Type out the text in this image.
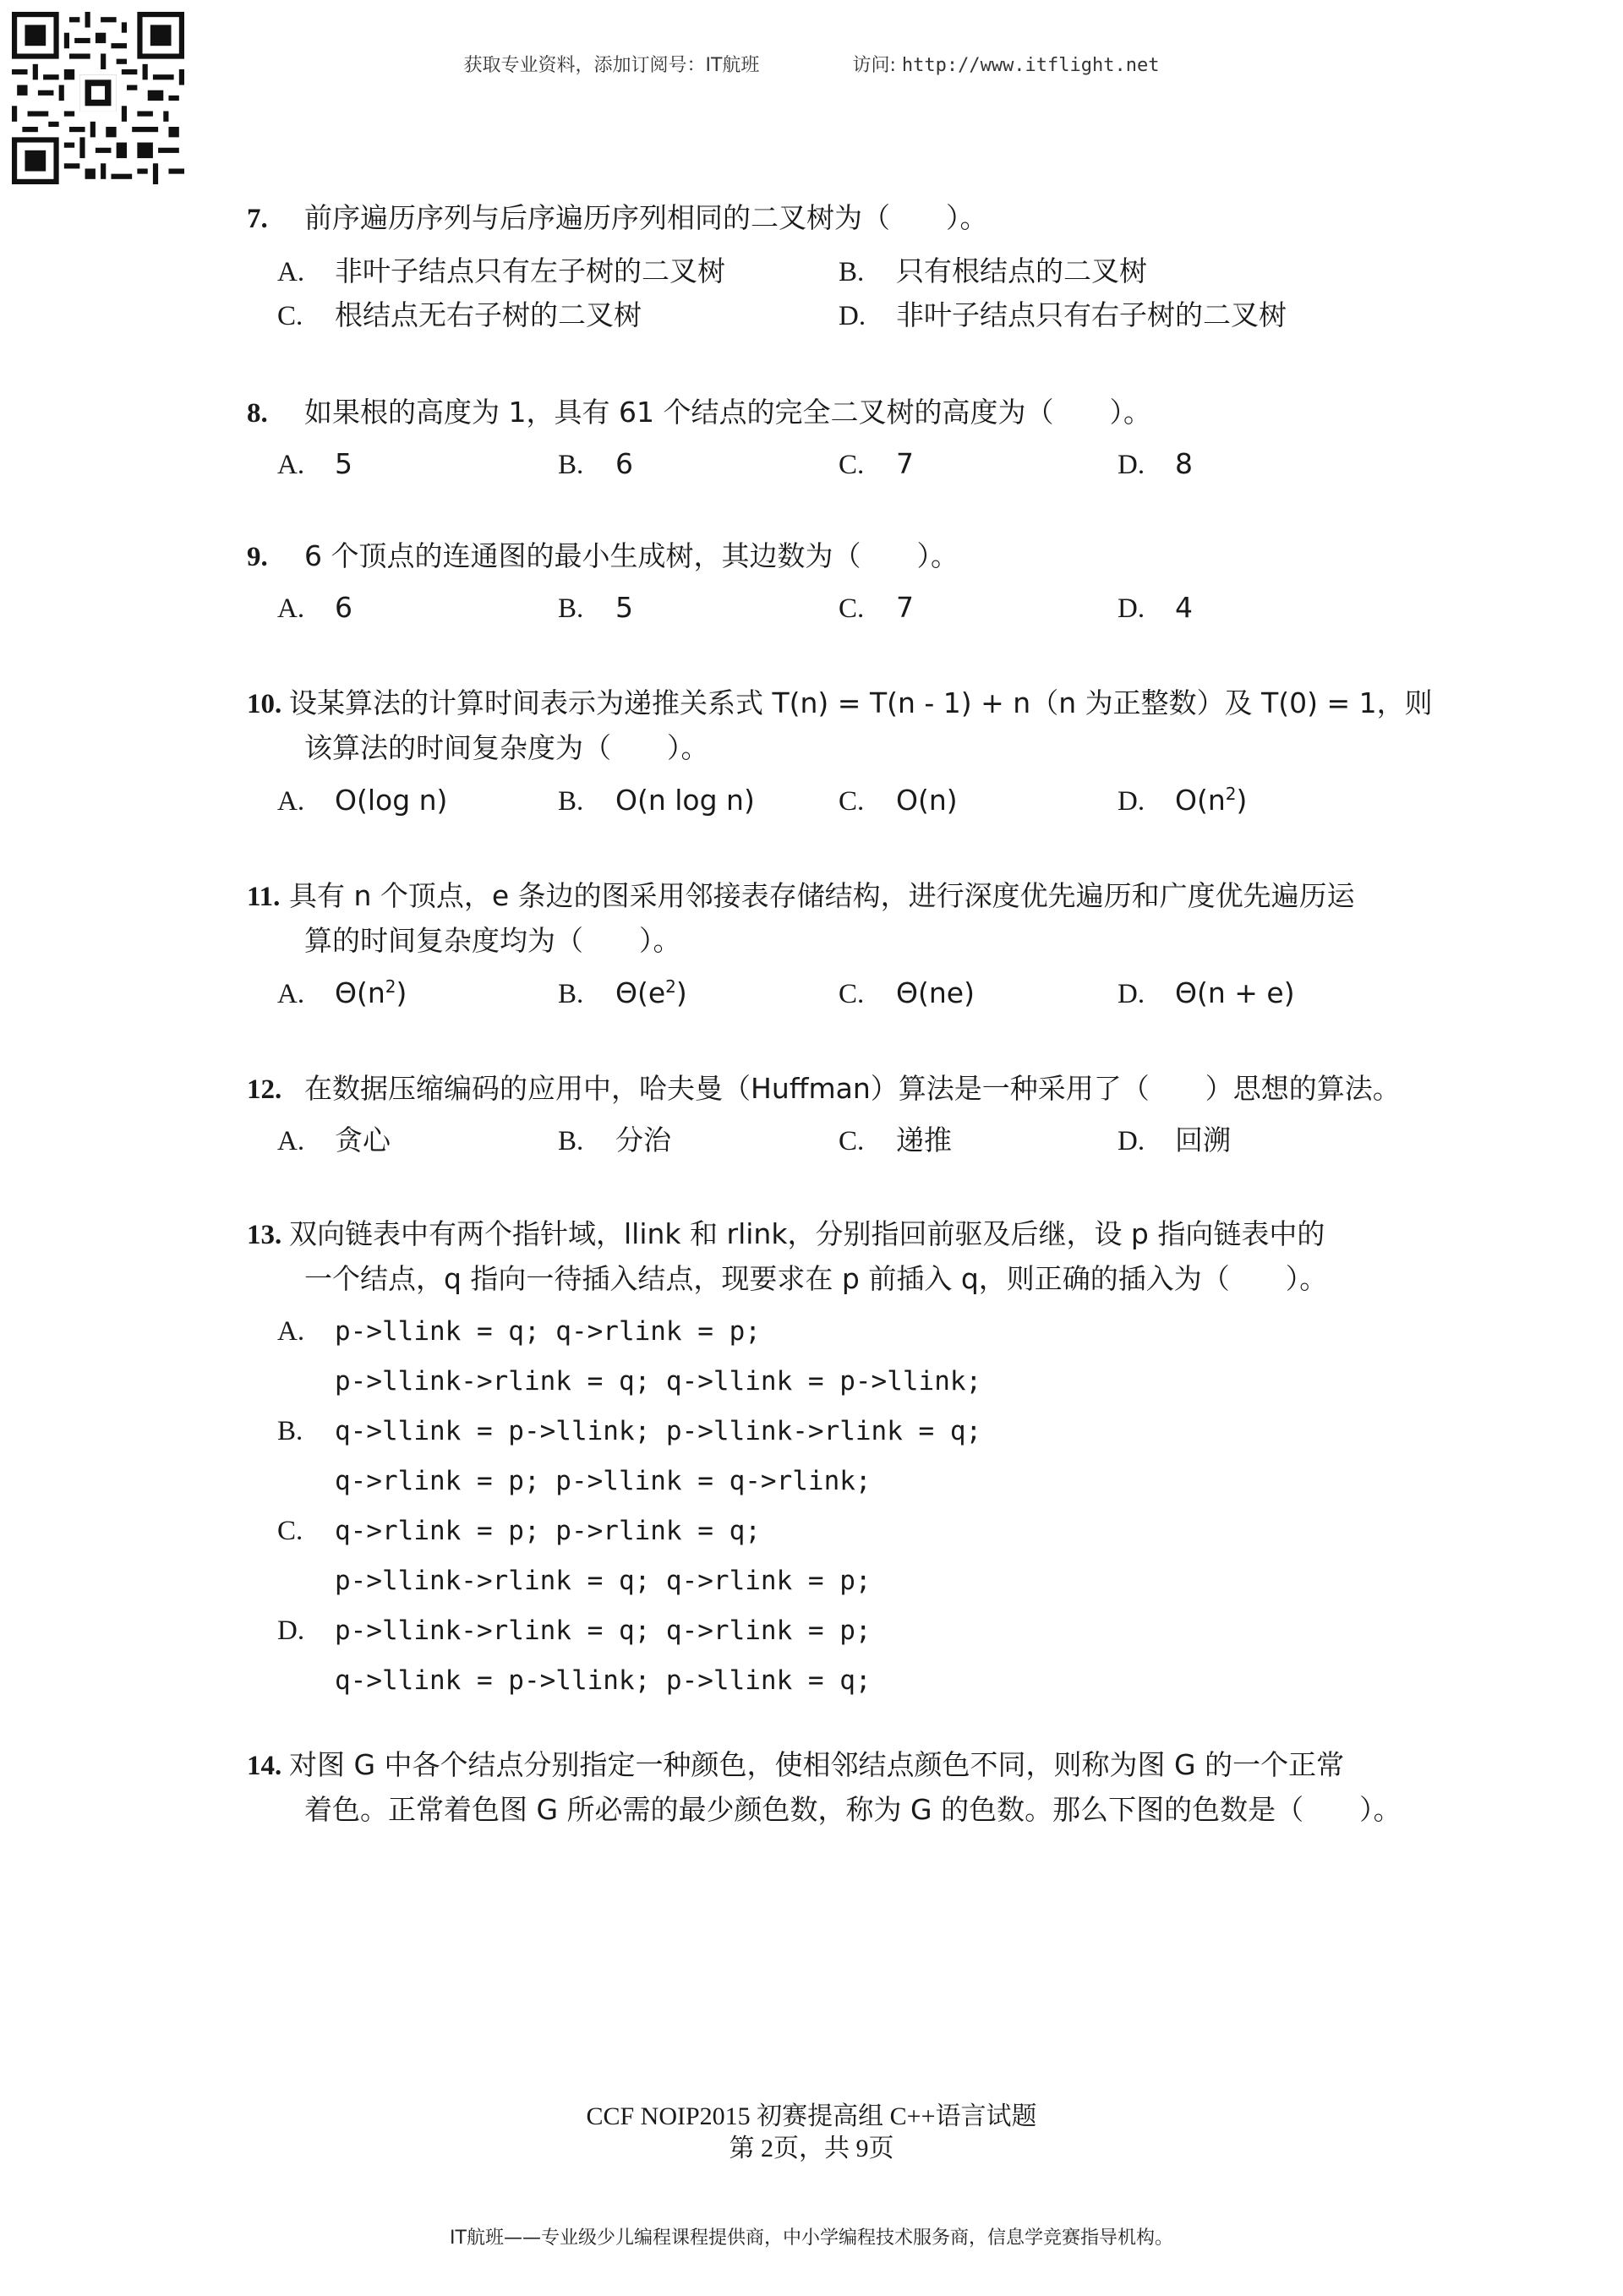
获取专业资料，添加订阅号：IT航班	访问: http://www.itflight.net
7. 前序遍历序列与后序遍历序列相同的二叉树为（　　）。
A. 非叶子结点只有左子树的二叉树	B. 只有根结点的二叉树
C. 根结点无右子树的二叉树	D. 非叶子结点只有右子树的二叉树
8. 如果根的高度为 1，具有 61 个结点的完全二叉树的高度为（　　）。
A. 5	B. 6	C. 7	D. 8
9. 6 个顶点的连通图的最小生成树，其边数为（　　）。
A. 6	B. 5	C. 7	D. 4
10. 设某算法的计算时间表示为递推关系式 T(n) = T(n - 1) + n（n 为正整数）及 T(0) = 1，则
该算法的时间复杂度为（　　）。
A. O(log n)	B. O(n log n)	C. O(n)	D. $O(n^2)$
11. 具有 n 个顶点，e 条边的图采用邻接表存储结构，进行深度优先遍历和广度优先遍历运
算的时间复杂度均为（　　）。
A. $\Theta(n^2)$	B. $\Theta(e^2)$	C. Θ(ne)	D. Θ(n + e)
12. 在数据压缩编码的应用中，哈夫曼（Huffman）算法是一种采用了（　　）思想的算法。
A. 贪心	B. 分治	C. 递推	D. 回溯
13. 双向链表中有两个指针域，llink 和 rlink，分别指回前驱及后继，设 p 指向链表中的
一个结点，q 指向一待插入结点，现要求在 p 前插入 q，则正确的插入为（　　）。
A. p->llink = q; q->rlink = p;
p->llink->rlink = q; q->llink = p->llink;
B. q->llink = p->llink; p->llink->rlink = q;
q->rlink = p; p->llink = q->rlink;
C. q->rlink = p; p->rlink = q;
p->llink->rlink = q; q->rlink = p;
D. p->llink->rlink = q; q->rlink = p;
q->llink = p->llink; p->llink = q;
14. 对图 G 中各个结点分别指定一种颜色，使相邻结点颜色不同，则称为图 G 的一个正常
着色。正常着色图 G 所必需的最少颜色数，称为 G 的色数。那么下图的色数是（　　）。
CCF NOIP2015 初赛提高组 C++语言试题
第 2页，共 9页
IT航班——专业级少儿编程课程提供商，中小学编程技术服务商，信息学竞赛指导机构。
